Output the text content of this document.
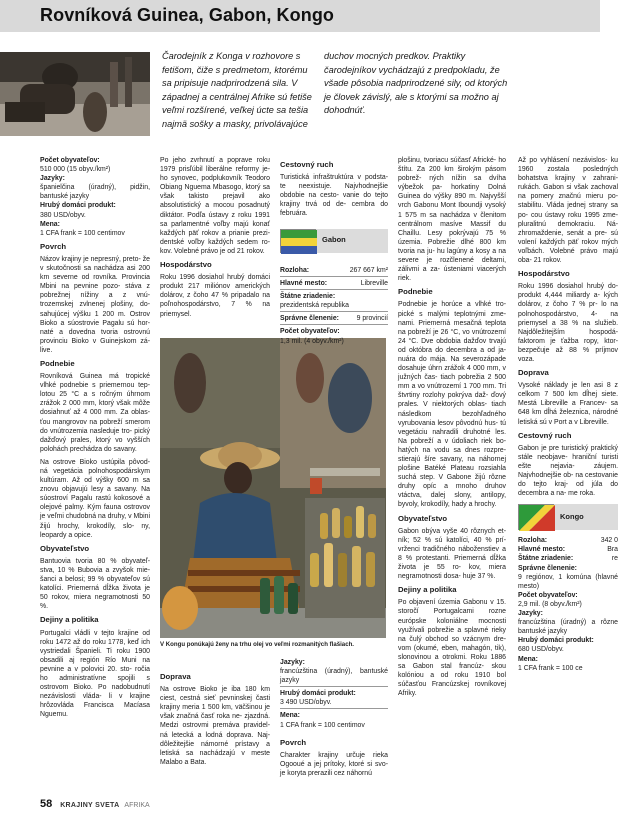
Rovníková Guinea, Gabon, Kongo
Čarodejník z Konga v rozhovore s fetišom, čiže s predmetom, ktorému sa pripisuje nadprirodzená sila. V západnej a centrálnej Afrike sú fetiše veľmi rozšírené, veľkej úcte sa tešia najmä sošky a masky, privolávajúce
duchov mocných predkov. Praktiky čarodejníkov vychádzajú z predpokladu, že všade pôsobia nadprirodzené sily, od ktorých je človek závislý, ale s ktorými sa možno aj dohodnúť.
Počet obyvateľov:
510 000 (15 obyv./km²)
Jazyky:
španielčina (úradný), pidžin, bantuské jazyky
Hrubý domáci produkt:
380 USD/obyv.
Mena:
1 CFA frank = 100 centimov
Povrch

Názov krajiny je nepresný, preto- že v skutočnosti sa nachádza asi 200 km severne od rovníka. Provincia Mbini na pevnine pozo- stáva z pobrežnej nížiny a z vnú- trozemskej zvlnenej plošiny, do- sahujúcej výšku 1 200 m. Ostrov Bioko a súostrovie Pagalu sú hor- naté a dovedna tvoria ostrovnú provinciu Bioko v Guinejskom zá- live.

Podnebie

Rovníková Guinea má tropické vlhké podnebie s priemernou tep- lotou 25 °C a s ročným úhrnom zrážok 2 000 mm, ktorý však môže dosiahnuť až 4 000 mm. Za oblas- ťou mangrovov na pobreží smerom do vnútrozemia nasleduje tro- pický dažďový prales, ktorý vo vyšších polohách prechádza do savany.

Na ostrove Bioko ustúpila pôvod- ná vegetácia polnohospodárskym kultúram. Až od výšky 600 m sa znovu objavujú lesy a savany. Na súostroví Pagalu rastú kokosové a olejové palmy. Kým fauna ostrovov je veľmi chudobná na druhy, v Mbini žijú hrochy, krokodíly, slo- ny, leopardy a opice.

Obyvateľstvo

Bantuovia tvoria 80 % obyvateľ- stva, 10 % Bubovia a zvyšok mie- šanci a belosi; 99 % obyvateľov sú katolíci. Priemerná dĺžka života je 50 rokov, miera negramotnosti 50 %.

Dejiny a politika

Portugalci vládli v tejto krajine od roku 1472 až do roku 1778, keď ich vystriedali Španieli. Ti roku 1900 obsadili aj región Río Muni na pevnine a v polovici 20. sto- ročia ho administratívne spojili s ostrovom Bioko. Po nadobudnutí nezávislosti vláda- li v krajine hrôzovláda Francisca Macíasa Nguemu.

Po jeho zvrhnutí a poprave roku 1979 prisľúbil liberálne reformy je- ho synovec, podplukovník Teodoro Obiang Nguema Mbasogo, ktorý sa však takisto prejavil ako absolutistický a mocou posadnutý diktátor. Podľa ústavy z roku 1991 sa parlamentné voľby majú konať každých päť rokov a prianie prezi- dentské voľby každých sedem ro- kov. Volebné právo je od 21 rokov.

Hospodárstvo

Roku 1996 dosiahol hrubý domáci produkt 217 miliónov amerických dolárov, z čoho 47 % pripadalo na poľnohospodárstvo, 7 % na priemysel.

V Kongu ponúkajú ženy na trhu olej vo veľmi rozmanitých flašiach.
Doprava

Na ostrove Bioko je iba 180 km ciest, cestná sieť pevninskej časti krajiny meria 1 500 km, väčšinou je však značná časť roka ne- zjazdná. Medzi ostrovmi premáva pravidel- ná letecká a lodná doprava. Naj- dôležitejšie námorné prístavy a letiská sa nachádzajú v meste Malabo a Bata.

Cestovný ruch

Turistická infraštruktúra v podsta- te neexistuje. Najvhodnejšie obdobie na cesto- vanie do tejto krajiny trvá od de- cembra do februára.

Gabon
Rozloha:	267 667 km²
Hlavné mesto:	Libreville
Štátne zriadenie:
prezidentská republika
Správne členenie:	9 provincií
Počet obyvateľov:
1,3 mil. (4 obyv./km²)
Jazyky:
francúzština (úradný), bantuské jazyky
Hrubý domáci produkt:
3 490 USD/obyv.
Mena:
1 CFA frank = 100 centimov
Povrch

Charakter krajiny určuje rieka Ogooué a jej prítoky, ktoré si svo- je koryta prerazili cez náhornú

plošinu, tvoriacu súčasť Africké- ho štítu. Za 200 km širokým pásom pobrež- ných nížin sa dvíha výbežok pa- horkatiny Dolná Guinea do výšky 890 m. Najvyšší vrch Gabonu Mont Iboundji vysoký 1 575 m sa nachádza v členitom centrálnom masíve Massif du Chaillu. Lesy pokrývajú 75 % územia. Pobrežie dlhé 800 km tvoria na ju- hu lagúny a kosy a na severe je rozčlenené deltami, zálivmi a za- ústeniami viacerých riek.

Podnebie

Podnebie je horúce a vlhké tro- pické s malými teplotnými zme- nami. Priemerná mesačná teplota na pobreží je 26 °C, vo vnútrozemí 24 °C. Dve obdobia dažďov trvajú od októbra do decembra a od ja- nuára do mája. Na severozápade dosahuje úhrn zrážok 4 000 mm, v južných čas- tiach pobrežia 2 500 mm a vo vnútrozemí 1 700 mm. Tri štvrtiny rozlohy pokrýva daž- ďový prales. V niektorých oblas- tiach následkom bezohľadného vyrubovania lesov pôvodnú hus- tú vegetáciu nahradili druhotné les. Na pobreží a v údoliach riek bo- hatých na vodu sa dnes rozpre- stierajú šíre savany, na náhornej plošine Batéké Plateau rozsiahla suchá step. V Gabone žijú rôzne druhy opíc a mnoho druhov vtáctva, dalej slony, antilopy, byvoly, krokodíly, hady a hrochy.

Obyvateľstvo

Gabon obýva vyše 40 rôznych et- ník; 52 % sú katolíci, 40 % prí- vrženci tradičného náboženstiev a 8 % protestanti. Priemerná dĺžka života je 55 ro- kov, miera negramotnosti dosa- huje 37 %.

Dejiny a politika

Po objavení územia Gabonu v 15. storočí Portugalcami rozne európske koloniálne mocnosti využívali pobrežie a splavné rieky na čulý obchod so vzácnym dre- vom (okumé, eben, mahagón, tik), slonovinou a otrokmi. Roku 1886 sa Gabon stal francúz- skou kolóniou a od roku 1910 bol súčasťou Francúzskej rovníkovej Afriky.

Až po vyhlásení nezávislos- ku 1960 zostala posledných bohatstva krajiny v zahrani- rukách. Gabon si však zachoval na pomery značnú mieru po- stabilitu. Vláda jednej strany sa po- cou ústavy roku 1995 zme- pluralitnú demokraciu. Ná- zhromaždenie, senát a pre- sú volení každých päť rokov mých voľbách. Volebné právo majú oba- 21 rokov.

Hospodárstvo

Roku 1996 dosiahol hrubý do- produkt 4,444 miliardy a- kých dolárov, z čoho 7 % pr- lo na polnohospodárstvo, 4- na priemysel a 38 % na služieb. Najdôležitejším hospodá- faktorom je ťažba ropy, ktor- bezpečuje až 88 % príjmov voza.

Doprava

Vysoké náklady je len asi 8 z celkom 7 500 km dĺhej siete. Mestá Libreville a Francev- sa 648 km dĺhá železnica, národné letiská sú v Port a v Libreville.

Cestovný ruch

Gabon je pre turistický praktický stále neobjave- hraniční turisti ešte nejavia- záujem. Najvhodnejšie ob- na cestovanie do tejto kraj- od júla do decembra a na- me roka.

Kongo
Rozloha:	342 0
Hlavné mesto:	Bra
Štátne zriadenie:	re
Správne členenie:
9 regiónov, 1 komúna (hlavné mesto)
Počet obyvateľov:
2,9 mil. (8 obyv./km²)
Jazyky:
francúzština (úradný) a rôzne bantuské jazyky
Hrubý domáci produkt:
680 USD/obyv.
Mena:
1 CFA frank = 100 ce
58 KRAJINY SVETA AFRIKA
